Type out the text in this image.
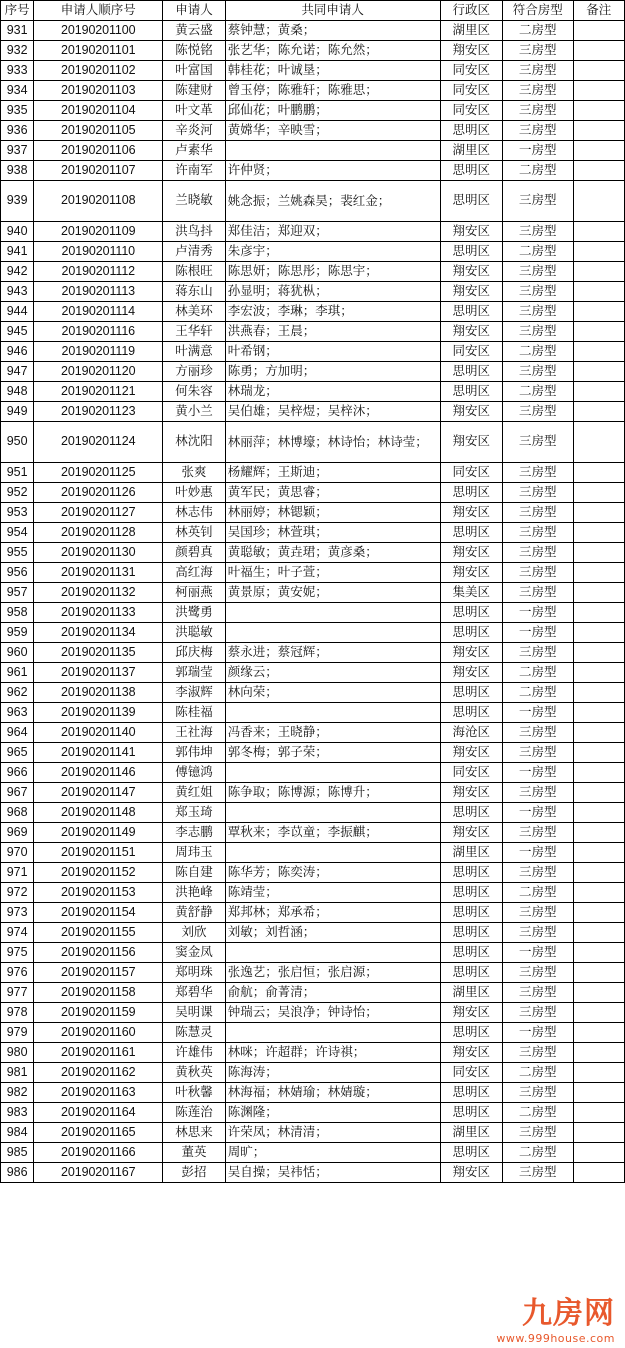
序号	申请人顺序号	申请人	共同申请人	行政区	符合房型	备注
931	20190201100	黄云盛	蔡钟慧；黄桑；	湖里区	二房型	
932	20190201101	陈悦铭	张艺华；陈允诺；陈允然；	翔安区	三房型	
933	20190201102	叶富国	韩桂花；叶诚垦；	同安区	三房型	
934	20190201103	陈建财	曾玉停；陈雅轩；陈雅思；	同安区	三房型	
935	20190201104	叶文革	邱仙花；叶鹏鹏；	同安区	三房型	
936	20190201105	辛炎河	黄嫦华；辛映雪；	思明区	三房型	
937	20190201106	卢素华		湖里区	一房型	
938	20190201107	许南军	许仲贤；	思明区	二房型	
939	20190201108	兰晓敏	姚念振；兰姚森昊；裴红金；	思明区	三房型	
940	20190201109	洪鸟抖	郑佳洁；郑迎双；	翔安区	三房型	
941	20190201110	卢清秀	朱彦宇；	思明区	二房型	
942	20190201112	陈根旺	陈思妍；陈思彤；陈思宇；	翔安区	三房型	
943	20190201113	蒋东山	孙显明；蒋犹枞；	翔安区	三房型	
944	20190201114	林美环	李宏波；李琳；李琪；	思明区	三房型	
945	20190201116	王华轩	洪燕春；王晨；	翔安区	三房型	
946	20190201119	叶满意	叶希钢；	同安区	二房型	
947	20190201120	方丽珍	陈勇；方加明；	思明区	三房型	
948	20190201121	何朱容	林瑞龙；	思明区	二房型	
949	20190201123	黄小兰	吴伯雄；吴梓煜；吴梓沐；	翔安区	三房型	
950	20190201124	林沈阳	林丽萍；林博壕；林诗怡；林诗莹；	翔安区	三房型	
951	20190201125	张爽	杨耀辉；王斯迪；	同安区	三房型	
952	20190201126	叶妙惠	黄军民；黄思睿；	思明区	三房型	
953	20190201127	林志伟	林丽婷；林锶颖；	翔安区	三房型	
954	20190201128	林英钊	吴国珍；林萱琪；	思明区	三房型	
955	20190201130	颜碧真	黄聪敏；黄垚珺；黄彦桑；	翔安区	三房型	
956	20190201131	高红海	叶福生；叶子萱；	翔安区	三房型	
957	20190201132	柯丽燕	黄景原；黄安妮；	集美区	三房型	
958	20190201133	洪鹭勇		思明区	一房型	
959	20190201134	洪聪敏		思明区	一房型	
960	20190201135	邱庆梅	蔡永进；蔡冠辉；	翔安区	三房型	
961	20190201137	郭瑞莹	颜缘云；	翔安区	二房型	
962	20190201138	李淑辉	林向荣；	思明区	二房型	
963	20190201139	陈桂福		思明区	一房型	
964	20190201140	王社海	冯香来；王晓静；	海沧区	三房型	
965	20190201141	郭伟坤	郭冬梅；郭子荣；	翔安区	三房型	
966	20190201146	傅镱鸿		同安区	一房型	
967	20190201147	黄红姐	陈争取；陈博源；陈博升；	翔安区	三房型	
968	20190201148	郑玉琦		思明区	一房型	
969	20190201149	李志鹏	覃秋来；李苡童；李振麒；	翔安区	三房型	
970	20190201151	周玮玉		湖里区	一房型	
971	20190201152	陈自建	陈华芳；陈奕涛；	思明区	三房型	
972	20190201153	洪艳峰	陈靖莹；	思明区	二房型	
973	20190201154	黄舒静	郑邦林；郑承希；	思明区	三房型	
974	20190201155	刘欣	刘敏；刘哲涵；	思明区	三房型	
975	20190201156	窦金凤		思明区	一房型	
976	20190201157	郑明珠	张逸艺；张启恒；张启源；	思明区	三房型	
977	20190201158	郑碧华	俞航；俞菁清；	湖里区	三房型	
978	20190201159	吴明课	钟瑞云；吴浪净；钟诗怡；	翔安区	三房型	
979	20190201160	陈慧灵		思明区	一房型	
980	20190201161	许雄伟	林咪；许超群；许诗祺；	翔安区	三房型	
981	20190201162	黄秋英	陈海涛；	同安区	二房型	
982	20190201163	叶秋馨	林海福；林婧瑜；林婧璇；	思明区	三房型	
983	20190201164	陈莲治	陈渊隆；	思明区	二房型	
984	20190201165	林思来	许荣凤；林清清；	湖里区	三房型	
985	20190201166	董英	周旷；	思明区	二房型	
986	20190201167	彭招	吴自操；吴祎恬；	翔安区	三房型	
九房网
www.999house.com
